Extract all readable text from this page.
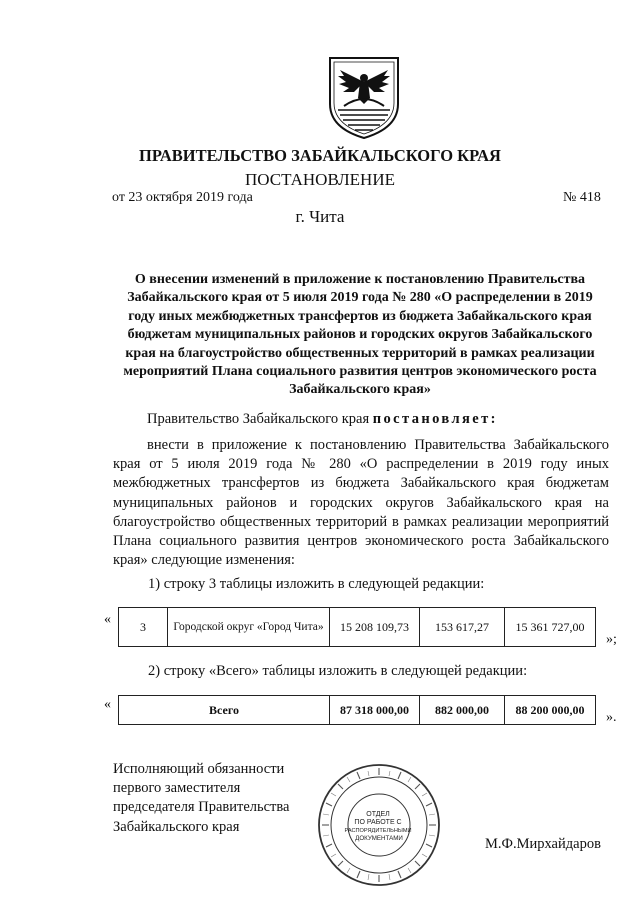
ПРАВИТЕЛЬСТВО ЗАБАЙКАЛЬСКОГО КРАЯ
ПОСТАНОВЛЕНИЕ
от 23 октября 2019 года	№ 418
г. Чита
О внесении изменений в приложение к постановлению Правительства Забайкальского края от 5 июля 2019 года № 280 «О распределении в 2019 году иных межбюджетных трансфертов из бюджета Забайкальского края бюджетам муниципальных районов и городских округов Забайкальского края на благоустройство общественных территорий в рамках реализации мероприятий Плана социального развития центров экономического роста Забайкальского края»
Правительство Забайкальского края постановляет:
внести в приложение к постановлению Правительства Забайкальского края от 5 июля 2019 года № 280 «О распределении в 2019 году иных межбюджетных трансфертов из бюджета Забайкальского края бюджетам муниципальных районов и городских округов Забайкальского края на благоустройство общественных территорий в рамках реализации мероприятий Плана социального развития центров экономического роста Забайкальского края» следующие изменения:
1) строку 3 таблицы изложить в следующей редакции:
« 3	Городской округ «Город Чита»	15 208 109,73	153 617,27	15 361 727,00
»;
2) строку «Всего» таблицы изложить в следующей редакции:
«	Всего	87 318 000,00	882 000,00	88 200 000,00
».
Исполняющий обязанности
первого заместителя
председателя Правительства
Забайкальского края
ОТДЕЛ ПО РАБОТЕ С РАСПОРЯДИТЕЛЬНЫМИ ДОКУМЕНТАМИ	М.Ф.Мирхайдаров
